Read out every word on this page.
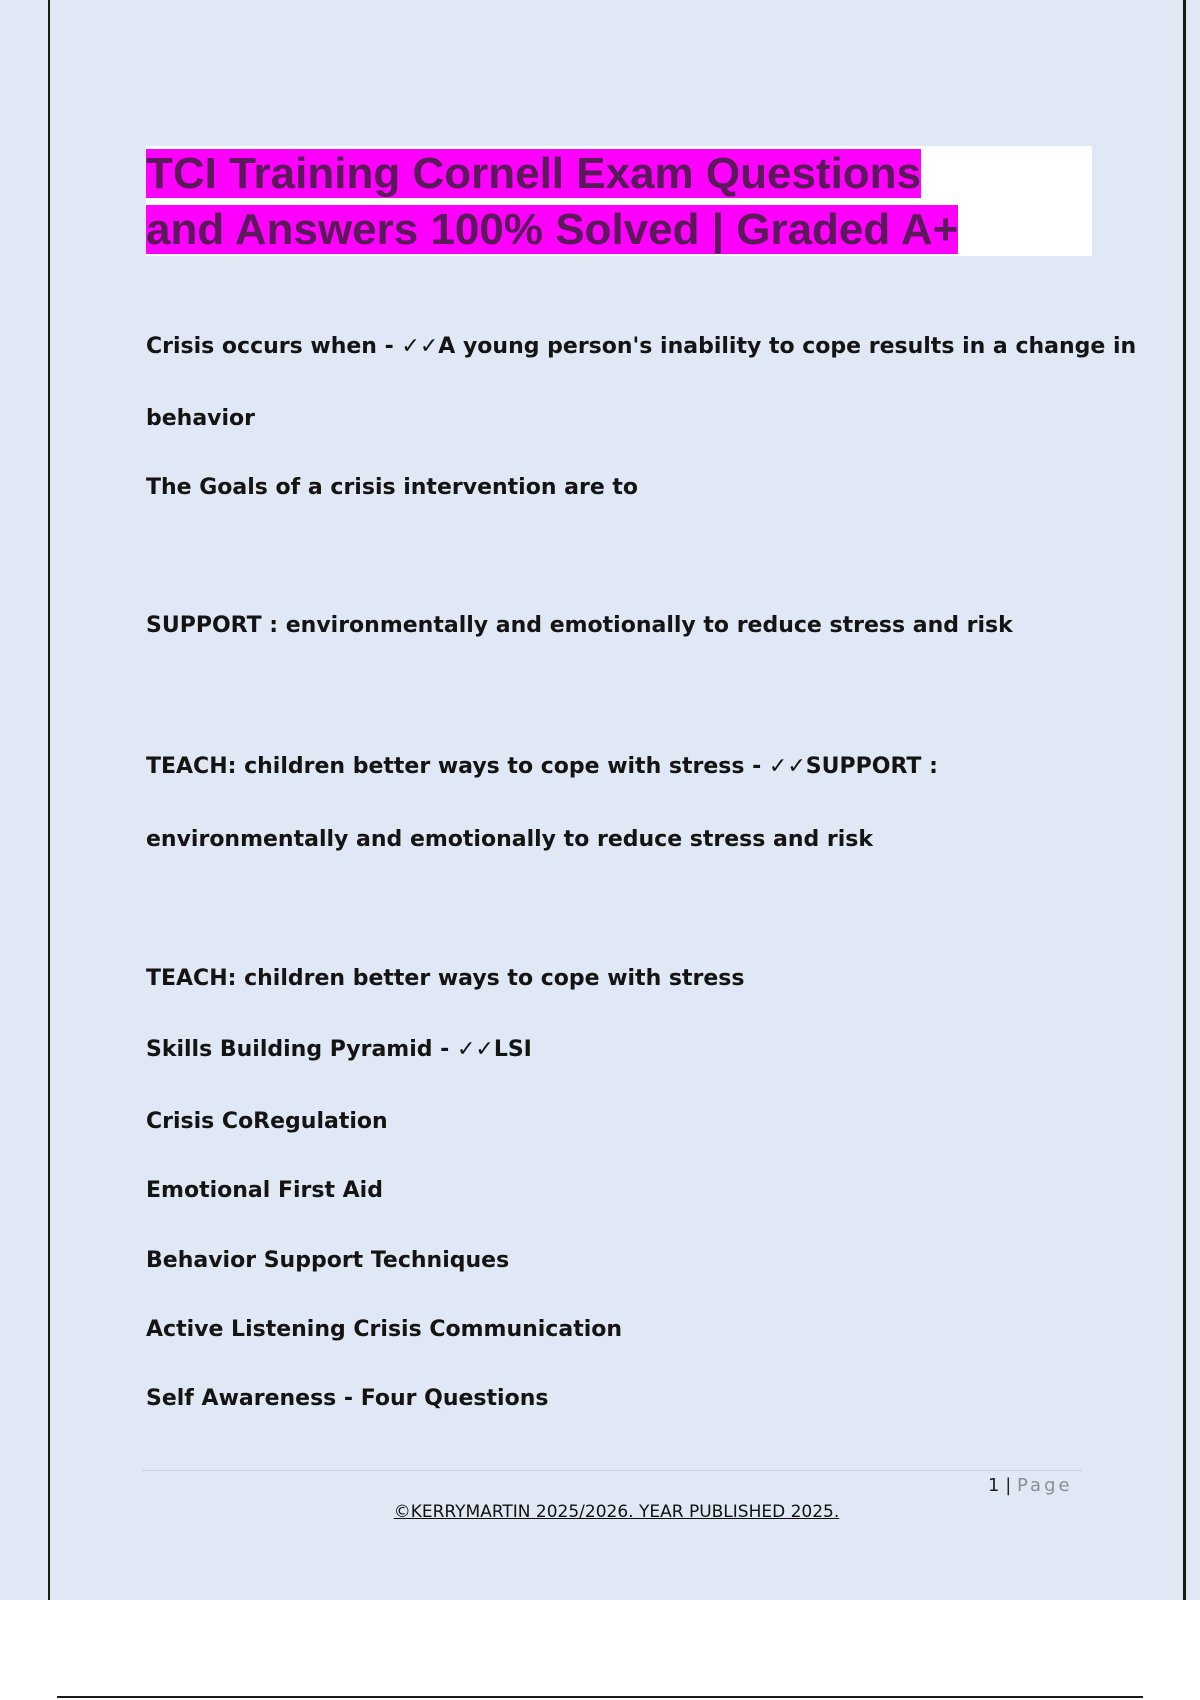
TCI Training Cornell Exam Questions
and Answers 100% Solved | Graded A+

Crisis occurs when - ✓✓A young person's inability to cope results in a change in

behavior

The Goals of a crisis intervention are to

SUPPORT : environmentally and emotionally to reduce stress and risk

TEACH: children better ways to cope with stress - ✓✓SUPPORT :

environmentally and emotionally to reduce stress and risk

TEACH: children better ways to cope with stress

Skills Building Pyramid - ✓✓LSI

Crisis CoRegulation

Emotional First Aid

Behavior Support Techniques

Active Listening Crisis Communication

Self Awareness - Four Questions

1 | Page
©KERRYMARTIN 2025/2026. YEAR PUBLISHED 2025.
